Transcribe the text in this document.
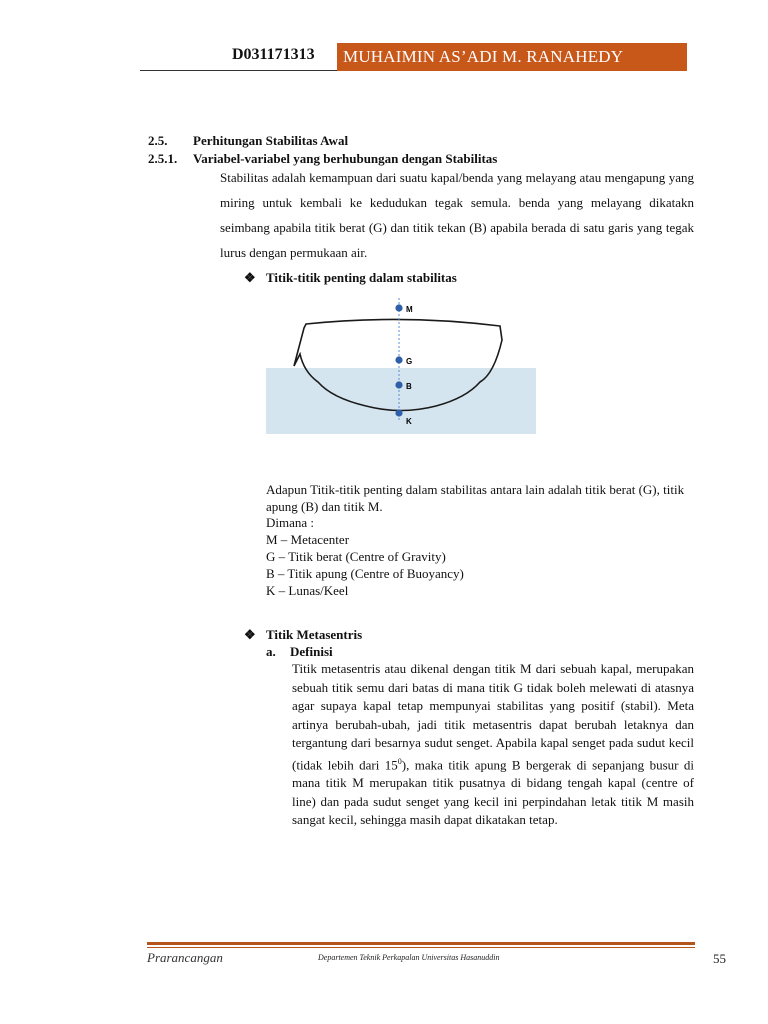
D031171313	MUHAIMIN AS’ADI M. RANAHEDY
2.5. Perhitungan Stabilitas Awal
2.5.1. Variabel-variabel yang berhubungan dengan Stabilitas
Stabilitas adalah kemampuan dari suatu kapal/benda yang melayang atau mengapung yang miring untuk kembali ke kedudukan tegak semula. benda yang melayang dikatakn seimbang apabila titik berat (G) dan titik tekan (B) apabila berada di satu garis yang tegak lurus dengan permukaan air.
❖ Titik-titik penting dalam stabilitas
M
G
B
K
Adapun Titik-titik penting dalam stabilitas antara lain adalah titik berat (G), titik apung (B) dan titik M.
Dimana :
M – Metacenter
G – Titik berat (Centre of Gravity)
B – Titik apung (Centre of Buoyancy)
K – Lunas/Keel
❖ Titik Metasentris
a. Definisi
Titik metasentris atau dikenal dengan titik M dari sebuah kapal, merupakan sebuah titik semu dari batas di mana titik G tidak boleh melewati di atasnya agar supaya kapal tetap mempunyai stabilitas yang positif (stabil). Meta artinya berubah-ubah, jadi titik metasentris dapat berubah letaknya dan tergantung dari besarnya sudut senget. Apabila kapal senget pada sudut kecil (tidak lebih dari $15^0$), maka titik apung B bergerak di sepanjang busur di mana titik M merupakan titik pusatnya di bidang tengah kapal (centre of line) dan pada sudut senget yang kecil ini perpindahan letak titik M masih sangat kecil, sehingga masih dapat dikatakan tetap.
Prarancangan	Departemen Teknik Perkapalan Universitas Hasanuddin	55
